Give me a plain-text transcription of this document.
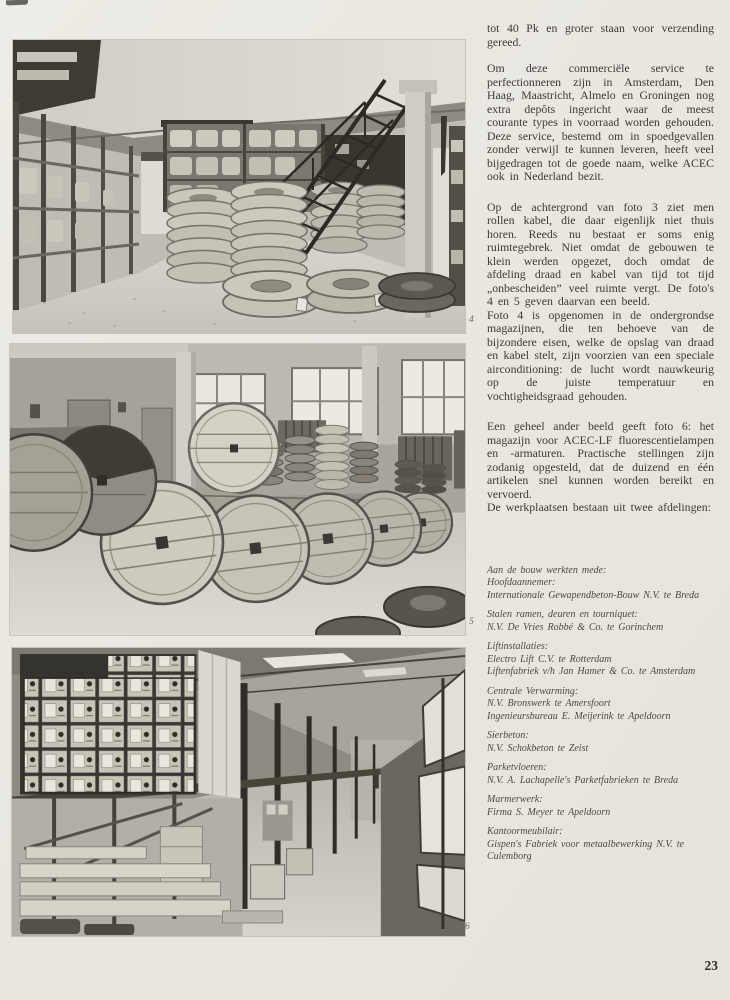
4
5
6

tot 40 Pk en groter staan voor verzending gereed.

Om deze commerciële service te perfectionneren zijn in Amsterdam, Den Haag, Maastricht, Almelo en Groningen nog extra depôts ingericht waar de meest courante types in voorraad worden gehouden. Deze service, bestemd om in spoedgevallen zonder verwijl te kunnen leveren, heeft veel bijgedragen tot de goede naam, welke ACEC ook in Nederland bezit.

Op de achtergrond van foto 3 ziet men rollen kabel, die daar eigenlijk niet thuis horen. Reeds nu bestaat er soms enig ruimtegebrek. Niet omdat de gebouwen te klein werden opgezet, doch omdat de afdeling draad en kabel van tijd tot tijd „onbescheiden” veel ruimte vergt. De foto's 4 en 5 geven daarvan een beeld.

Foto 4 is opgenomen in de ondergrondse magazijnen, die ten behoeve van de bijzondere eisen, welke de opslag van draad en kabel stelt, zijn voorzien van een speciale airconditioning: de lucht wordt nauwkeurig op de juiste temperatuur en vochtigheidsgraad gehouden.

Een geheel ander beeld geeft foto 6: het magazijn voor ACEC-LF fluorescentielampen en -armaturen. Practische stellingen zijn zodanig opgesteld, dat de duizend en één artikelen snel kunnen worden bereikt en vervoerd.

De werkplaatsen bestaan uit twee afdelingen:

Aan de bouw werkten mede:

Hoofdaannemer:

Internationale Gewapendbeton-Bouw N.V. te Breda

Stalen ramen, deuren en tourniquet:

N.V. De Vries Robbé & Co. te Gorinchem

Liftinstallaties:

Electro Lift C.V. te Rotterdam

Liftenfabriek v/h Jan Hamer & Co. te Amsterdam

Centrale Verwarming:

N.V. Bronswerk te Amersfoort

Ingenieursbureau E. Meijerink te Apeldoorn

Sierbeton:

N.V. Schokbeton te Zeist

Parketvloeren:

N.V. A. Lachapelle's Parketfabrieken te Breda

Marmerwerk:

Firma S. Meyer te Apeldoorn

Kantoormeubilair:

Gispen's Fabriek voor metaalbewerking N.V. te Culemborg

23
